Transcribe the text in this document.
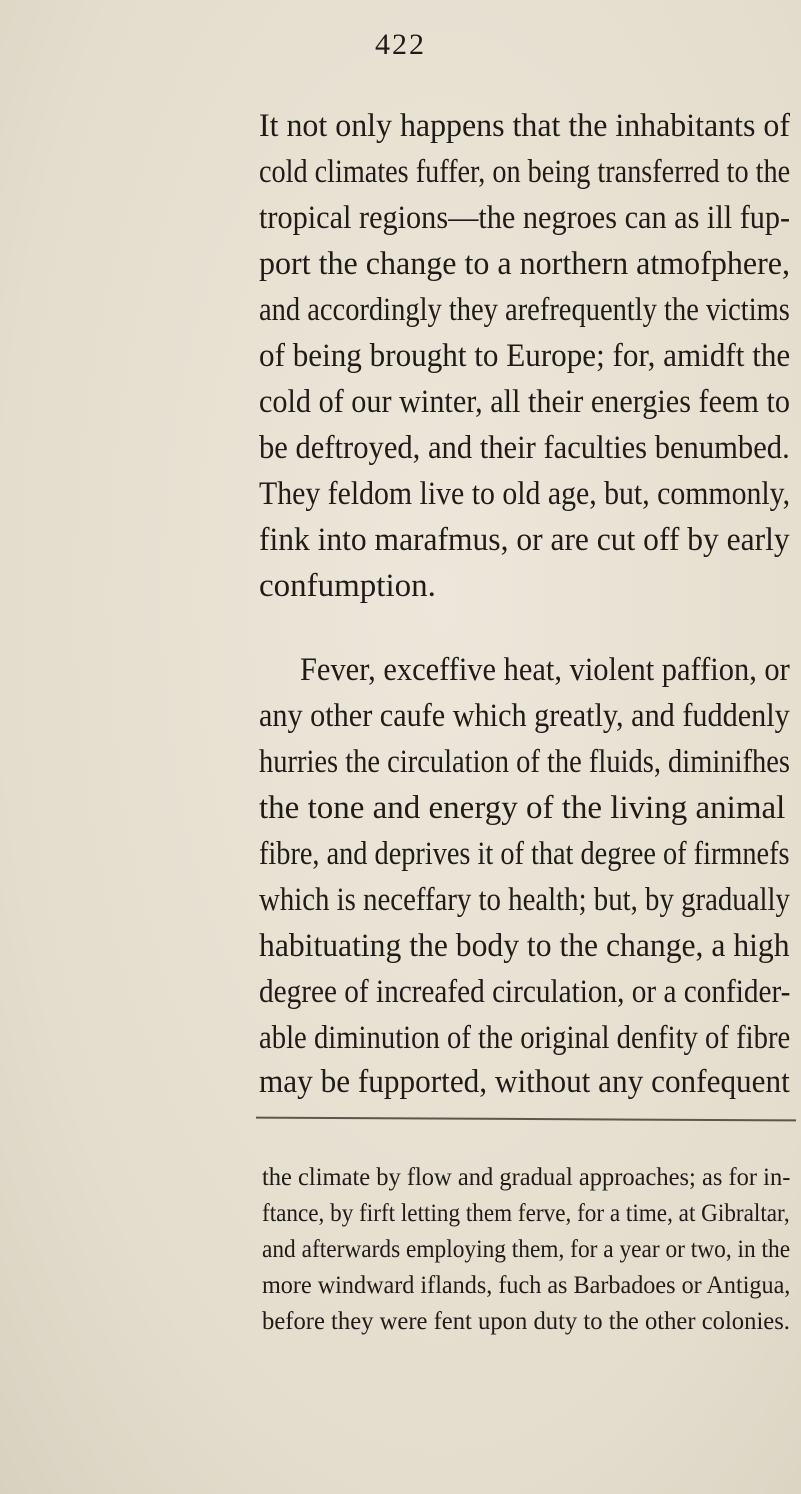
422
It not only happens that the inhabitants of
cold climates fuffer, on being transferred to the
tropical regions—the negroes can as ill fup-
port the change to a northern atmofphere,
and accordingly they arefrequently the victims
of being brought to Europe; for, amidft the
cold of our winter, all their energies feem to
be deftroyed, and their faculties benumbed.
They feldom live to old age, but, commonly,
fink into marafmus, or are cut off by early
confumption.
Fever, exceffive heat, violent paffion, or
any other caufe which greatly, and fuddenly
hurries the circulation of the fluids, diminifhes
the tone and energy of the living animal
fibre, and deprives it of that degree of firmnefs
which is neceffary to health; but, by gradually
habituating the body to the change, a high
degree of increafed circulation, or a confider-
able diminution of the original denfity of fibre
may be fupported, without any confequent
the climate by flow and gradual approaches; as for in-
ftance, by firft letting them ferve, for a time, at Gibraltar,
and afterwards employing them, for a year or two, in the
more windward iflands, fuch as Barbadoes or Antigua,
before they were fent upon duty to the other colonies.
